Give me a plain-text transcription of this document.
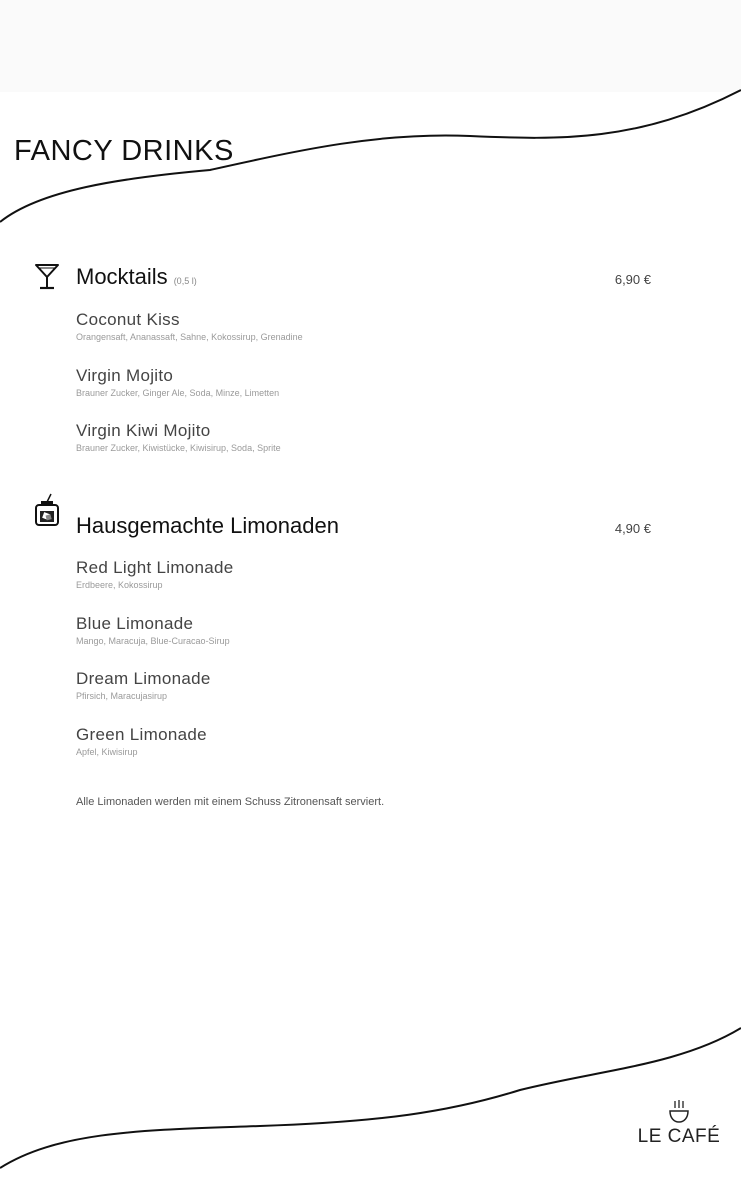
FANCY DRINKS
Mocktails (0,5 l)	6,90 €
Coconut Kiss
Orangensaft, Ananassaft, Sahne, Kokossirup, Grenadine
Virgin Mojito
Brauner Zucker, Ginger Ale, Soda, Minze, Limetten
Virgin Kiwi Mojito
Brauner Zucker, Kiwistücke, Kiwisirup, Soda, Sprite
Hausgemachte Limonaden	4,90 €
Red Light Limonade
Erdbeere, Kokossirup
Blue Limonade
Mango, Maracuja, Blue-Curacao-Sirup
Dream Limonade
Pfirsich, Maracujasirup
Green Limonade
Apfel, Kiwisirup
Alle Limonaden werden mit einem Schuss Zitronensaft serviert.
LE CAFÉ
